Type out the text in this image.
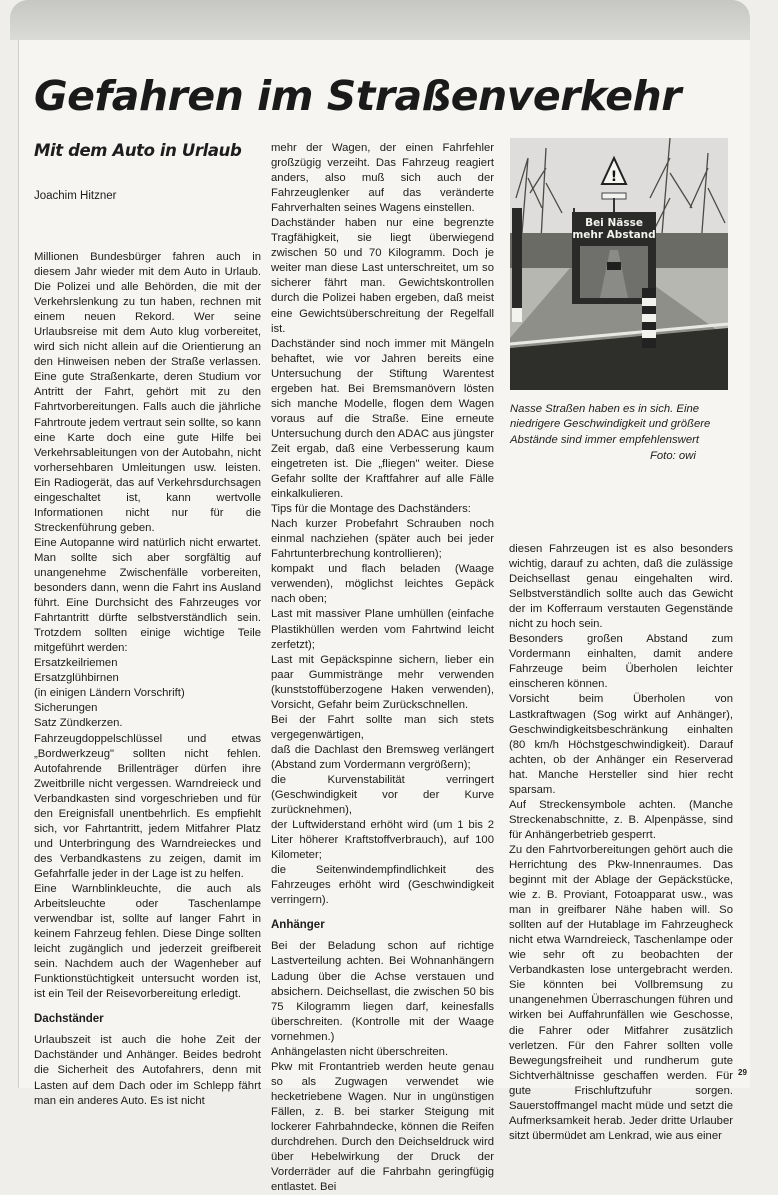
Gefahren im Straßenverkehr
Mit dem Auto in Urlaub
Joachim Hitzner

Millionen Bundesbürger fahren auch in diesem Jahr wieder mit dem Auto in Urlaub. Die Polizei und alle Behörden, die mit der Verkehrslenkung zu tun haben, rechnen mit einem neuen Rekord. Wer seine Urlaubsreise mit dem Auto klug vorbereitet, wird sich nicht allein auf die Orientierung an den Hinweisen neben der Straße verlassen. Eine gute Straßenkarte, deren Studium vor Antritt der Fahrt, gehört mit zu den Fahrtvorbereitungen. Falls auch die jährliche Fahrtroute jedem vertraut sein sollte, so kann eine Karte doch eine gute Hilfe bei Verkehrsableitungen von der Autobahn, nicht vorhersehbaren Umleitungen usw. leisten. Ein Radiogerät, das auf Verkehrsdurchsagen eingeschaltet ist, kann wertvolle Informationen nicht nur für die Streckenführung geben.

Eine Autopanne wird natürlich nicht erwartet. Man sollte sich aber sorgfältig auf unangenehme Zwischenfälle vorbereiten, besonders dann, wenn die Fahrt ins Ausland führt. Eine Durchsicht des Fahrzeuges vor Fahrtantritt dürfte selbstverständlich sein. Trotzdem sollten einige wichtige Teile mitgeführt werden:

Ersatzkeilriemen

Ersatzglühbirnen

(in einigen Ländern Vorschrift)

Sicherungen

Satz Zündkerzen.

Fahrzeugdoppelschlüssel und etwas „Bordwerkzeug" sollten nicht fehlen. Autofahrende Brillenträger dürfen ihre Zweitbrille nicht vergessen. Warndreieck und Verbandkasten sind vorgeschrieben und für den Ereignisfall unentbehrlich. Es empfiehlt sich, vor Fahrtantritt, jedem Mitfahrer Platz und Unterbringung des Warndreieckes und des Verbandkastens zu zeigen, damit im Gefahrfalle jeder in der Lage ist zu helfen.

Eine Warnblinkleuchte, die auch als Arbeitsleuchte oder Taschenlampe verwendbar ist, sollte auf langer Fahrt in keinem Fahrzeug fehlen. Diese Dinge sollten leicht zugänglich und jederzeit greifbereit sein. Nachdem auch der Wagenheber auf Funktionstüchtigkeit untersucht worden ist, ist ein Teil der Reisevorbereitung erledigt.

Dachständer

Urlaubszeit ist auch die hohe Zeit der Dachständer und Anhänger. Beides bedroht die Sicherheit des Autofahrers, denn mit Lasten auf dem Dach oder im Schlepp fährt man ein anderes Auto. Es ist nicht

mehr der Wagen, der einen Fahrfehler großzügig verzeiht. Das Fahrzeug reagiert anders, also muß sich auch der Fahrzeuglenker auf das veränderte Fahrverhalten seines Wagens einstellen.

Dachständer haben nur eine begrenzte Tragfähigkeit, sie liegt überwiegend zwischen 50 und 70 Kilogramm. Doch je weiter man diese Last unterschreitet, um so sicherer fährt man. Gewichtskontrollen durch die Polizei haben ergeben, daß meist eine Gewichtsüberschreitung der Regelfall ist.

Dachständer sind noch immer mit Mängeln behaftet, wie vor Jahren bereits eine Untersuchung der Stiftung Warentest ergeben hat. Bei Bremsmanövern lösten sich manche Modelle, flogen dem Wagen voraus auf die Straße. Eine erneute Untersuchung durch den ADAC aus jüngster Zeit ergab, daß eine Verbesserung kaum eingetreten ist. Die „fliegen" weiter. Diese Gefahr sollte der Kraftfahrer auf alle Fälle einkalkulieren.

Tips für die Montage des Dachständers:

Nach kurzer Probefahrt Schrauben noch einmal nachziehen (später auch bei jeder Fahrtunterbrechung kontrollieren);

kompakt und flach beladen (Waage verwenden), möglichst leichtes Gepäck nach oben;

Last mit massiver Plane umhüllen (einfache Plastikhüllen werden vom Fahrtwind leicht zerfetzt);

Last mit Gepäckspinne sichern, lieber ein paar Gummistränge mehr verwenden (kunststoffüberzogene Haken verwenden), Vorsicht, Gefahr beim Zurückschnellen.

Bei der Fahrt sollte man sich stets vergegenwärtigen,

daß die Dachlast den Bremsweg verlängert (Abstand zum Vordermann vergrößern);

die Kurvenstabilität verringert (Geschwindigkeit vor der Kurve zurücknehmen),

der Luftwiderstand erhöht wird (um 1 bis 2 Liter höherer Kraftstoffverbrauch), auf 100 Kilometer;

die Seitenwindempfindlichkeit des Fahrzeuges erhöht wird (Geschwindigkeit verringern).

Anhänger

Bei der Beladung schon auf richtige Lastverteilung achten. Bei Wohnanhängern Ladung über die Achse verstauen und absichern. Deichsellast, die zwischen 50 bis 75 Kilogramm liegen darf, keinesfalls überschreiten. (Kontrolle mit der Waage vornehmen.)

Anhängelasten nicht überschreiten.

Pkw mit Frontantrieb werden heute genau so als Zugwagen verwendet wie hecketriebene Wagen. Nur in ungünstigen Fällen, z. B. bei starker Steigung mit lockerer Fahrbahndecke, können die Reifen durchdrehen. Durch den Deichseldruck wird über Hebelwirkung der Druck der Vorderräder auf die Fahrbahn geringfügig entlastet. Bei

!
Bei Nässe
mehr Abstand
Nasse Straßen haben es in sich. Eine niedrigere Geschwindigkeit und größere Abstände sind immer empfehlenswert
Foto: owi

diesen Fahrzeugen ist es also besonders wichtig, darauf zu achten, daß die zulässige Deichsellast genau eingehalten wird. Selbstverständlich sollte auch das Gewicht der im Kofferraum verstauten Gegenstände nicht zu hoch sein.

Besonders großen Abstand zum Vordermann einhalten, damit andere Fahrzeuge beim Überholen leichter einscheren können.

Vorsicht beim Überholen von Lastkraftwagen (Sog wirkt auf Anhänger), Geschwindigkeitsbeschränkung einhalten (80 km/h Höchstgeschwindigkeit). Darauf achten, ob der Anhänger ein Reserverad hat. Manche Hersteller sind hier recht sparsam.

Auf Streckensymbole achten. (Manche Streckenabschnitte, z. B. Alpenpässe, sind für Anhängerbetrieb gesperrt.

Zu den Fahrtvorbereitungen gehört auch die Herrichtung des Pkw-Innenraumes. Das beginnt mit der Ablage der Gepäckstücke, wie z. B. Proviant, Fotoapparat usw., was man in greifbarer Nähe haben will. So sollten auf der Hutablage im Fahrzeugheck nicht etwa Warndreieck, Taschenlampe oder wie sehr oft zu beobachten der Verbandkasten lose untergebracht werden. Sie könnten bei Vollbremsung zu unangenehmen Überraschungen führen und wirken bei Auffahrunfällen wie Geschosse, die Fahrer oder Mitfahrer zusätzlich verletzen. Für den Fahrer sollten volle Bewegungsfreiheit und rundherum gute Sichtverhältnisse geschaffen werden. Für gute Frischluftzufuhr sorgen. Sauerstoffmangel macht müde und setzt die Aufmerksamkeit herab. Jeder dritte Urlauber sitzt übermüdet am Lenkrad, wie aus einer

29
